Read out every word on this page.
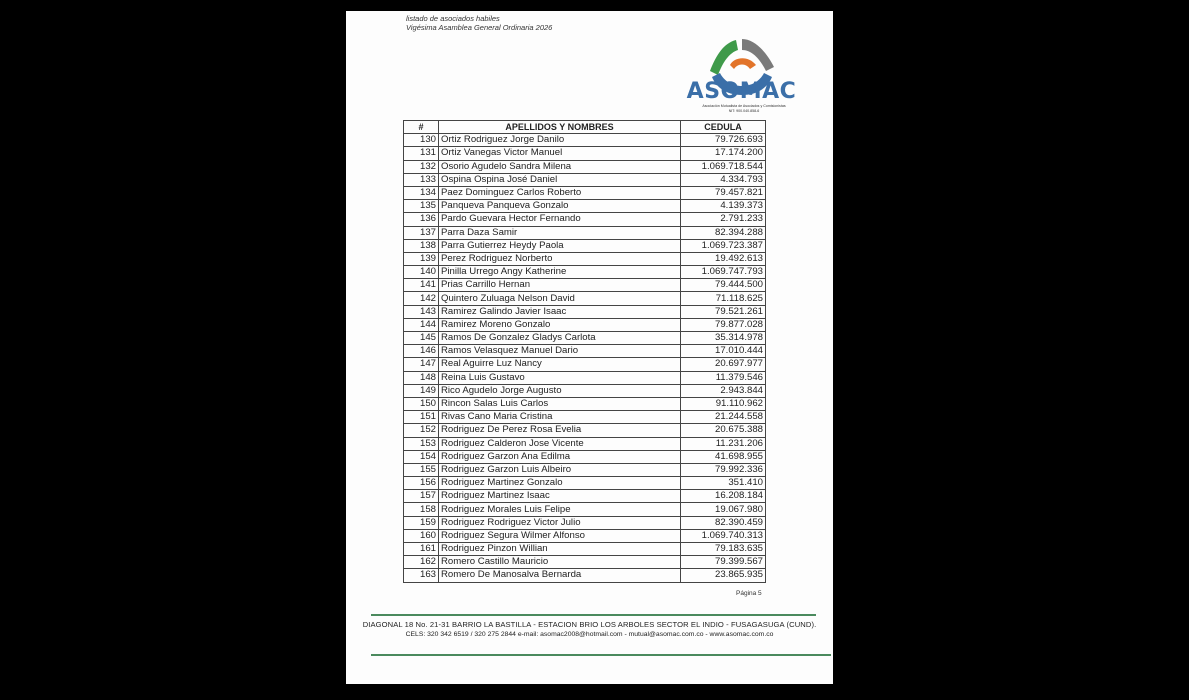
listado de asociados habiles
Vigésima Asamblea General Ordinaria 2026
ASOMAC
Asociación Mutualista de Asociados y Comisionistas
NIT: 900.040.858-6
#	APELLIDOS Y NOMBRES	CEDULA
130	Ortiz Rodriguez Jorge Danilo	79.726.693
131	Ortiz Vanegas Victor Manuel	17.174.200
132	Osorio Agudelo Sandra Milena	1.069.718.544
133	Ospina Ospina José Daniel	4.334.793
134	Paez Dominguez Carlos Roberto	79.457.821
135	Panqueva Panqueva Gonzalo	4.139.373
136	Pardo Guevara Hector Fernando	2.791.233
137	Parra Daza Samir	82.394.288
138	Parra Gutierrez Heydy Paola	1.069.723.387
139	Perez Rodriguez Norberto	19.492.613
140	Pinilla Urrego Angy Katherine	1.069.747.793
141	Prias Carrillo Hernan	79.444.500
142	Quintero Zuluaga Nelson David	71.118.625
143	Ramirez Galindo Javier Isaac	79.521.261
144	Ramirez Moreno Gonzalo	79.877.028
145	Ramos De Gonzalez Gladys Carlota	35.314.978
146	Ramos Velasquez Manuel Dario	17.010.444
147	Real Aguirre Luz Nancy	20.697.977
148	Reina Luis Gustavo	11.379.546
149	Rico Agudelo Jorge Augusto	2.943.844
150	Rincon Salas Luis Carlos	91.110.962
151	Rivas Cano Maria Cristina	21.244.558
152	Rodriguez De Perez Rosa Evelia	20.675.388
153	Rodriguez Calderon Jose Vicente	11.231.206
154	Rodriguez Garzon Ana Edilma	41.698.955
155	Rodriguez Garzon Luis Albeiro	79.992.336
156	Rodriguez Martinez Gonzalo	351.410
157	Rodriguez Martinez Isaac	16.208.184
158	Rodriguez Morales Luis Felipe	19.067.980
159	Rodriguez Rodriguez Victor Julio	82.390.459
160	Rodriguez Segura Wilmer Alfonso	1.069.740.313
161	Rodriguez Pinzon Willian	79.183.635
162	Romero Castillo Mauricio	79.399.567
163	Romero De Manosalva Bernarda	23.865.935
Página 5
DIAGONAL 18 No. 21-31 BARRIO LA BASTILLA - ESTACION BRIO LOS ARBOLES SECTOR EL INDIO - FUSAGASUGA (CUND).
CELS: 320 342 6519 / 320 275 2844 e-mail: asomac2008@hotmail.com - mutual@asomac.com.co - www.asomac.com.co
